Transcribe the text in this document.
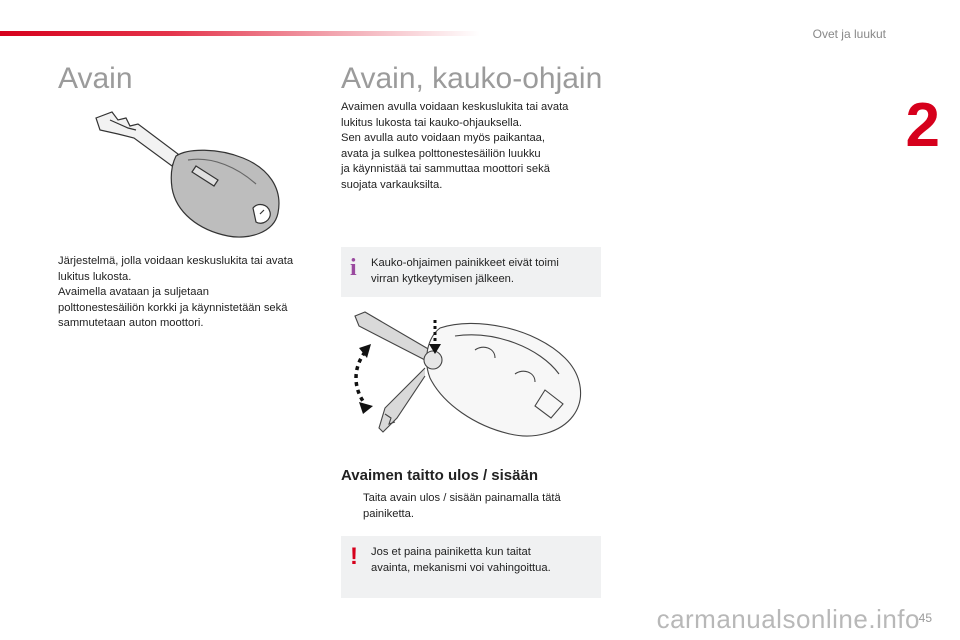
Ovet ja luukut
2
Avain	Avain, kauko-ohjain
Avaimen avulla voidaan keskuslukita tai avata
lukitus lukosta tai kauko-ohjauksella.
Sen avulla auto voidaan myös paikantaa,
avata ja sulkea polttonestesäiliön luukku
ja käynnistää tai sammuttaa moottori sekä
suojata varkauksilta.
Järjestelmä, jolla voidaan keskuslukita tai avata
lukitus lukosta.
Avaimella avataan ja suljetaan
polttonestesäiliön korkki ja käynnistetään sekä
sammutetaan auton moottori.
i Kauko-ohjaimen painikkeet eivät toimi
virran kytkeytymisen jälkeen.
Avaimen taitto ulos / sisään
Taita avain ulos / sisään painamalla tätä
painiketta.
! Jos et paina painiketta kun taitat
avainta, mekanismi voi vahingoittua.
carmanualsonline.info
45
